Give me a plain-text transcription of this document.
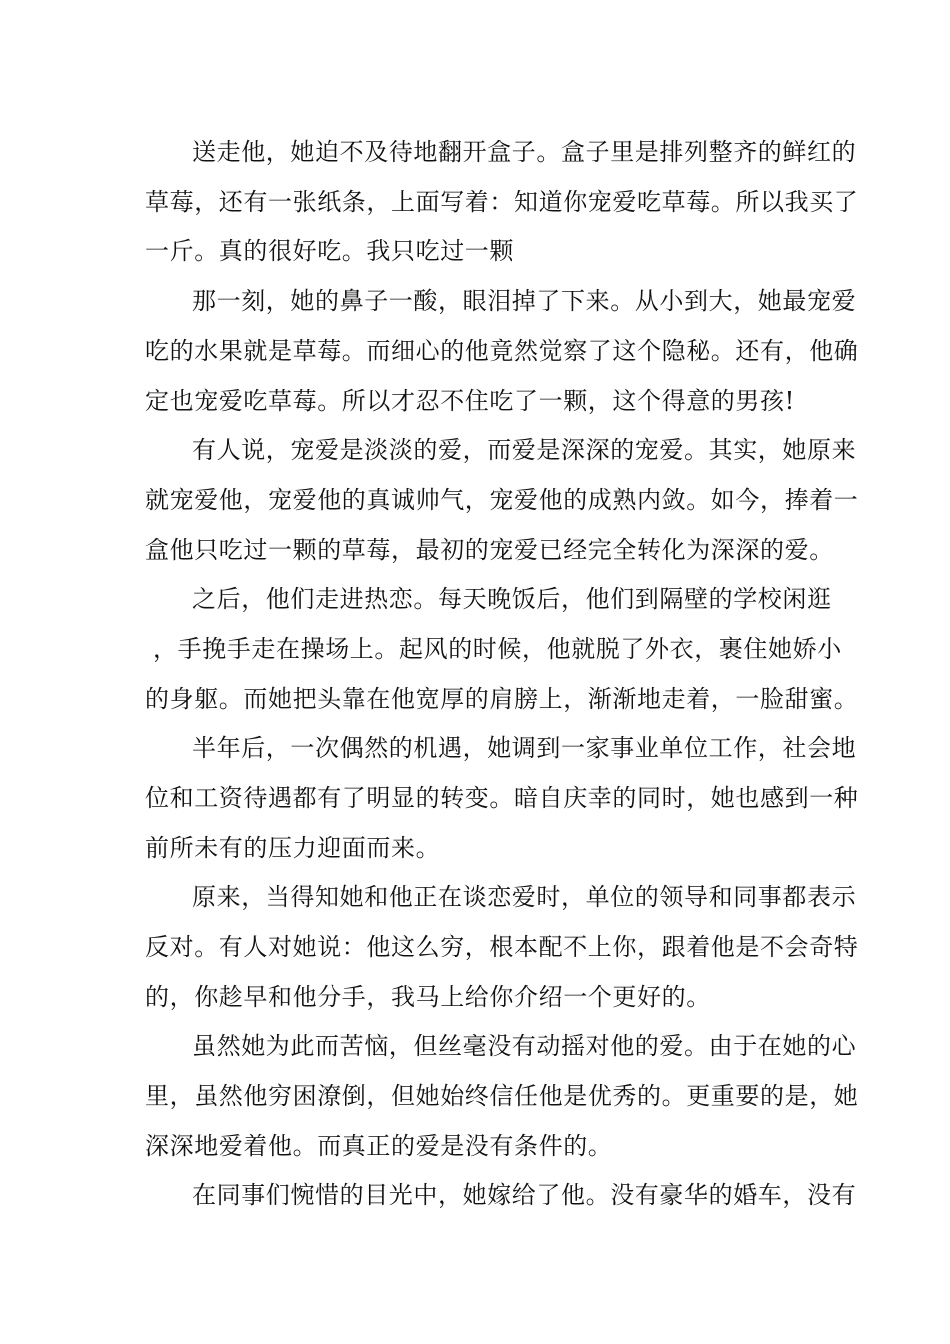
送走他，她迫不及待地翻开盒子。盒子里是排列整齐的鲜红的
草莓，还有一张纸条，上面写着：知道你宠爱吃草莓。所以我买了
一斤。真的很好吃。我只吃过一颗
那一刻，她的鼻子一酸，眼泪掉了下来。从小到大，她最宠爱
吃的水果就是草莓。而细心的他竟然觉察了这个隐秘。还有，他确
定也宠爱吃草莓。所以才忍不住吃了一颗，这个得意的男孩!
有人说，宠爱是淡淡的爱，而爱是深深的宠爱。其实，她原来
就宠爱他，宠爱他的真诚帅气，宠爱他的成熟内敛。如今，捧着一
盒他只吃过一颗的草莓，最初的宠爱已经完全转化为深深的爱。
之后，他们走进热恋。每天晚饭后，他们到隔壁的学校闲逛
，手挽手走在操场上。起风的时候，他就脱了外衣，裹住她娇小
的身躯。而她把头靠在他宽厚的肩膀上，渐渐地走着，一脸甜蜜。
半年后，一次偶然的机遇，她调到一家事业单位工作，社会地
位和工资待遇都有了明显的转变。暗自庆幸的同时，她也感到一种
前所未有的压力迎面而来。
原来，当得知她和他正在谈恋爱时，单位的领导和同事都表示
反对。有人对她说：他这么穷，根本配不上你，跟着他是不会奇特
的，你趁早和他分手，我马上给你介绍一个更好的。
虽然她为此而苦恼，但丝毫没有动摇对他的爱。由于在她的心
里，虽然他穷困潦倒，但她始终信任他是优秀的。更重要的是，她
深深地爱着他。而真正的爱是没有条件的。
在同事们惋惜的目光中，她嫁给了他。没有豪华的婚车，没有
